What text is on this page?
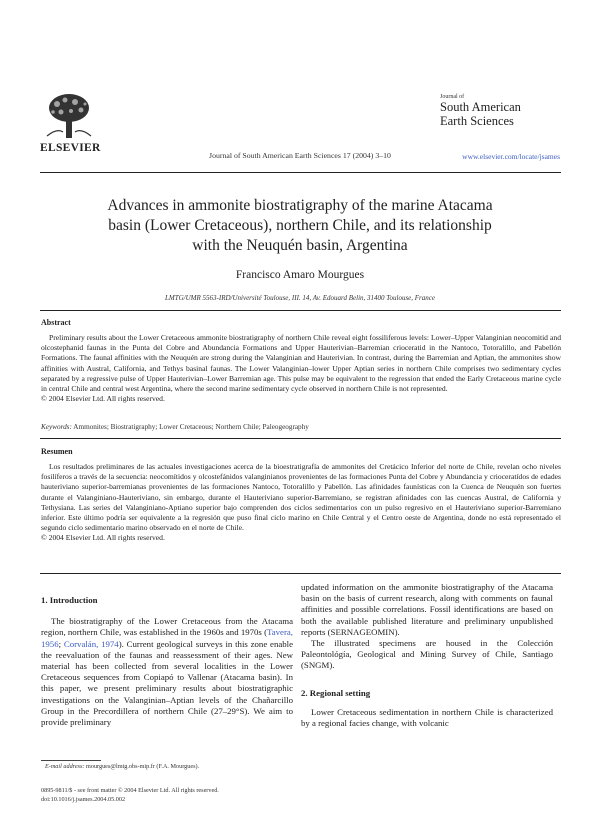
ELSEVIER
Journal of South American Earth Sciences 17 (2004) 3–10
Journal of
South American
Earth Sciences
www.elsevier.com/locate/jsames
Advances in ammonite biostratigraphy of the marine Atacama
basin (Lower Cretaceous), northern Chile, and its relationship
with the Neuquén basin, Argentina
Francisco Amaro Mourgues
LMTG/UMR 5563-IRD/Université Toulouse, III. 14, Av. Edouard Belin, 31400 Toulouse, France
Abstract
Preliminary results about the Lower Cretaceous ammonite biostratigraphy of northern Chile reveal eight fossiliferous levels: Lower–Upper Valanginian neocomitid and olcostephanid faunas in the Punta del Cobre and Abundancia Formations and Upper Hauterivian–Barremian crioceratid in the Nantoco, Totoralillo, and Pabellón Formations. The faunal affinities with the Neuquén are strong during the Valanginian and Hauterivian. In contrast, during the Barremian and Aptian, the ammonites show affinities with Austral, California, and Tethys basinal faunas. The Lower Valanginian–lower Upper Aptian series in northern Chile comprises two sedimentary cycles separated by a regressive pulse of Upper Hauterivian–Lower Barremian age. This pulse may be equivalent to the regression that ended the Early Cretaceous marine cycle in central Chile and central west Argentina, where the second marine sedimentary cycle observed in northern Chile is not represented.
© 2004 Elsevier Ltd. All rights reserved.
Keywords: Ammonites; Biostratigraphy; Lower Cretaceous; Northern Chile; Paleogeography
Resumen
Los resultados preliminares de las actuales investigaciones acerca de la bioestratigrafía de ammonites del Cretácico Inferior del norte de Chile, revelan ocho niveles fosilíferos a través de la secuencia: neocomítidos y olcostefánidos valanginianos provenientes de las formaciones Punta del Cobre y Abundancia y crioceratídos de edades hauteriviano superior-barremianas provenientes de las formaciones Nantoco, Totoralillo y Pabellón. Las afinidades faunísticas con la Cuenca de Neuquén son fuertes durante el Valanginiano-Hauteriviano, sin embargo, durante el Hauteriviano superior-Barremiano, se registran afinidades con las cuencas Austral, de California y Tethysiana. Las series del Valanginiano-Aptiano superior bajo comprenden dos ciclos sedimentarios con un pulso regresivo en el Hauteriviano superior-Barremiano inferior. Este último podría ser equivalente a la regresión que puso final ciclo marino en Chile Central y el Centro oeste de Argentina, donde no está representado el segundo ciclo sedimentario marino observado en el norte de Chile.
© 2004 Elsevier Ltd. All rights reserved.
1. Introduction

The biostratigraphy of the Lower Cretaceous from the Atacama region, northern Chile, was established in the 1960s and 1970s (Tavera, 1956; Corvalán, 1974). Current geological surveys in this zone enable the reevaluation of the faunas and reassessment of their ages. New material has been collected from several localities in the Lower Cretaceous sequences from Copiapó to Vallenar (Atacama basin). In this paper, we present preliminary results about biostratigraphic investigations on the Valanginian–Aptian levels of the Chañarcillo Group in the Precordillera of northern Chile (27–29°S). We aim to provide preliminary

updated information on the ammonite biostratigraphy of the Atacama basin on the basis of current research, along with comments on faunal affinities and possible correlations. Fossil identifications are based on both the available published literature and preliminary unpublished reports (SERNAGEOMIN).

The illustrated specimens are housed in the Colección Paleontológía, Geological and Mining Survey of Chile, Santiago (SNGM).

2. Regional setting

Lower Cretaceous sedimentation in northern Chile is characterized by a regional facies change, with volcanic

E-mail address: mourgues@lmtg.obs-mip.fr (F.A. Mourgues).
0895-9811/$ - see front matter © 2004 Elsevier Ltd. All rights reserved.
doi:10.1016/j.jsames.2004.05.002
